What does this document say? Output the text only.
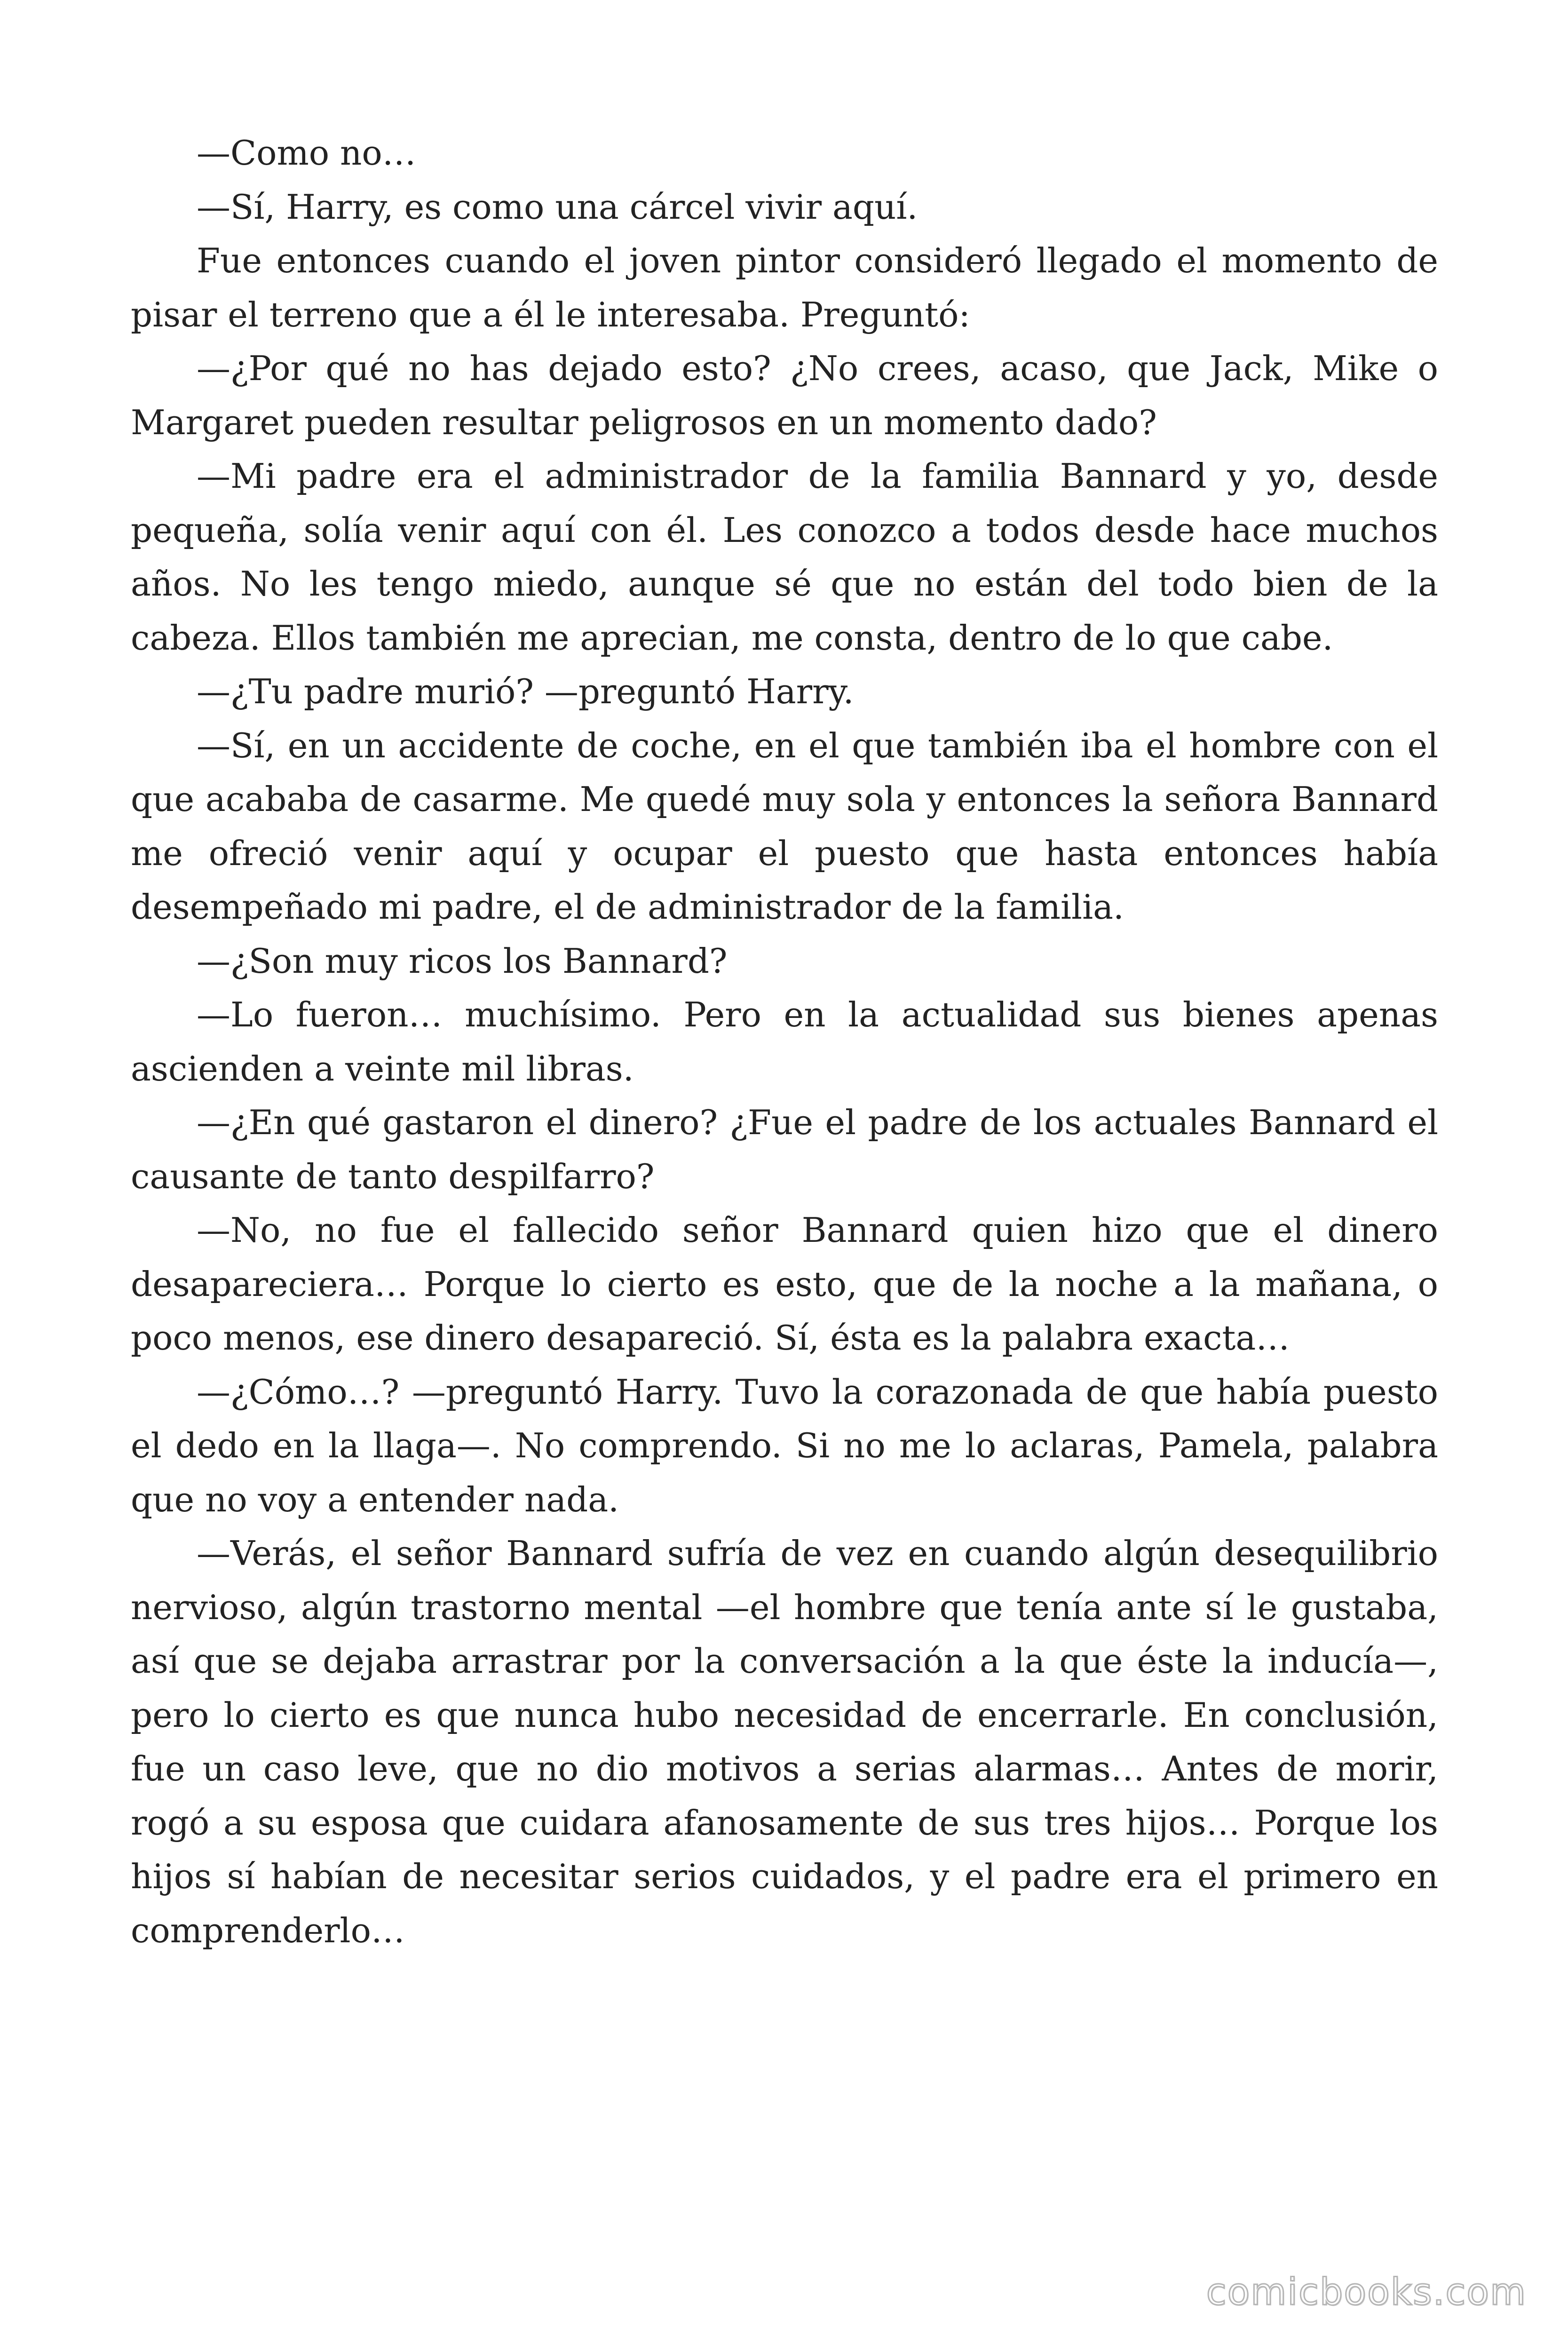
—Como no…

—Sí, Harry, es como una cárcel vivir aquí.

Fue entonces cuando el joven pintor consideró llegado el momento de pisar el terreno que a él le interesaba. Preguntó:

—¿Por qué no has dejado esto? ¿No crees, acaso, que Jack, Mike o Margaret pueden resultar peligrosos en un momento dado?

—Mi padre era el administrador de la familia Bannard y yo, desde pequeña, solía venir aquí con él. Les conozco a todos desde hace muchos años. No les tengo miedo, aunque sé que no están del todo bien de la cabeza. Ellos también me aprecian, me consta, dentro de lo que cabe.

—¿Tu padre murió? —preguntó Harry.

—Sí, en un accidente de coche, en el que también iba el hombre con el que acababa de casarme. Me quedé muy sola y entonces la señora Bannard me ofreció venir aquí y ocupar el puesto que hasta entonces había desempeñado mi padre, el de administrador de la familia.

—¿Son muy ricos los Bannard?

—Lo fueron… muchísimo. Pero en la actualidad sus bienes apenas ascienden a veinte mil libras.

—¿En qué gastaron el dinero? ¿Fue el padre de los actuales Bannard el causante de tanto despilfarro?

—No, no fue el fallecido señor Bannard quien hizo que el dinero desapareciera… Porque lo cierto es esto, que de la noche a la mañana, o poco menos, ese dinero desapareció. Sí, ésta es la palabra exacta…

—¿Cómo…? —preguntó Harry. Tuvo la corazonada de que había puesto el dedo en la llaga—. No comprendo. Si no me lo aclaras, Pamela, palabra que no voy a entender nada.

—Verás, el señor Bannard sufría de vez en cuando algún desequilibrio nervioso, algún trastorno mental —el hombre que tenía ante sí le gustaba, así que se dejaba arrastrar por la conversación a la que éste la inducía—, pero lo cierto es que nunca hubo necesidad de encerrarle. En conclusión, fue un caso leve, que no dio motivos a serias alarmas… Antes de morir, rogó a su esposa que cuidara afanosamente de sus tres hijos… Porque los hijos sí habían de necesitar serios cuidados, y el padre era el primero en comprenderlo…

comicbooks.com
